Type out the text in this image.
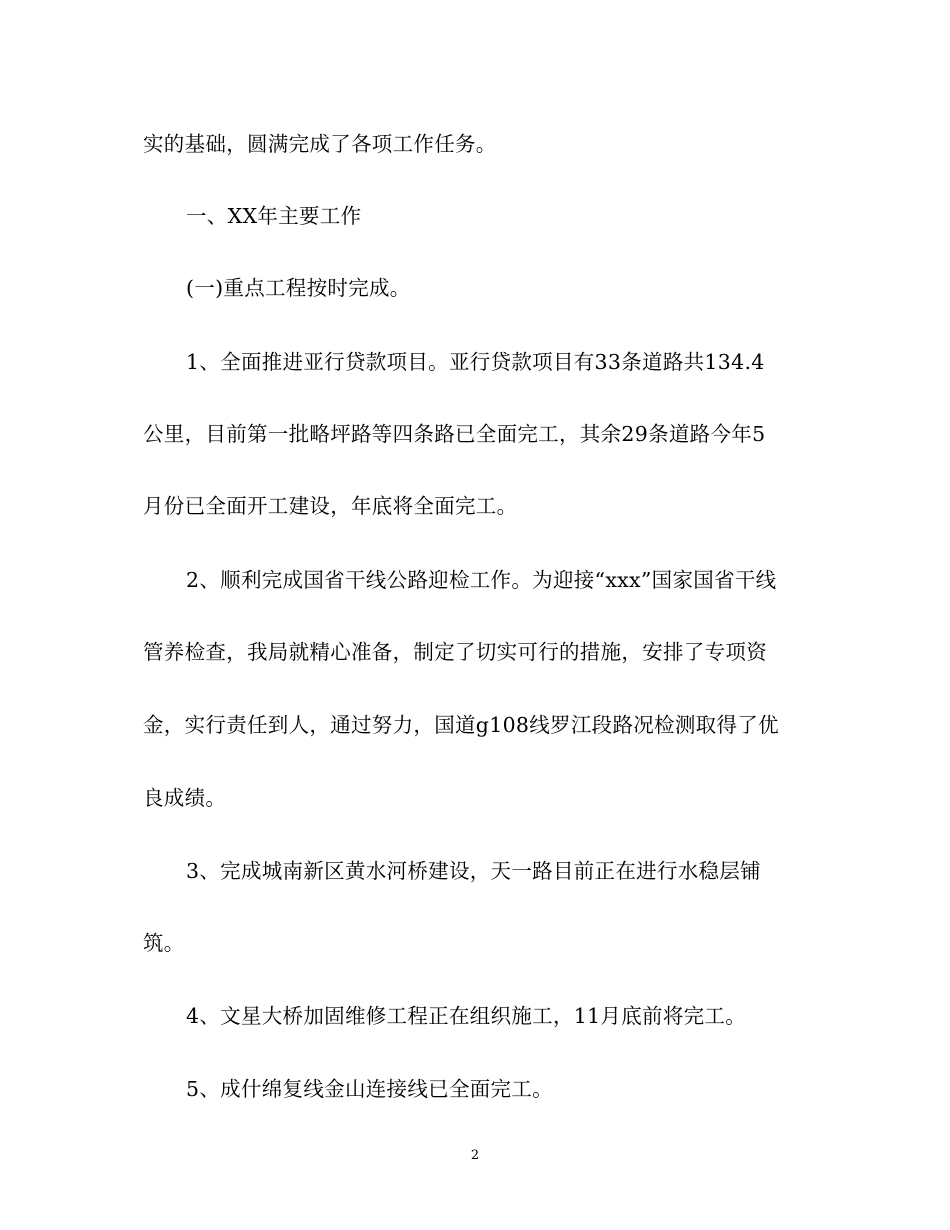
实的基础，圆满完成了各项工作任务。
一、XX年主要工作
(一)重点工程按时完成。
1、全面推进亚行贷款项目。亚行贷款项目有33条道路共134.4
公里，目前第一批略坪路等四条路已全面完工，其余29条道路今年5
月份已全面开工建设，年底将全面完工。
2、顺利完成国省干线公路迎检工作。为迎接“xxx”国家国省干线
管养检查，我局就精心准备，制定了切实可行的措施，安排了专项资
金，实行责任到人，通过努力，国道g108线罗江段路况检测取得了优
良成绩。
3、完成城南新区黄水河桥建设，天一路目前正在进行水稳层铺
筑。
4、文星大桥加固维修工程正在组织施工，11月底前将完工。
5、成什绵复线金山连接线已全面完工。
2
